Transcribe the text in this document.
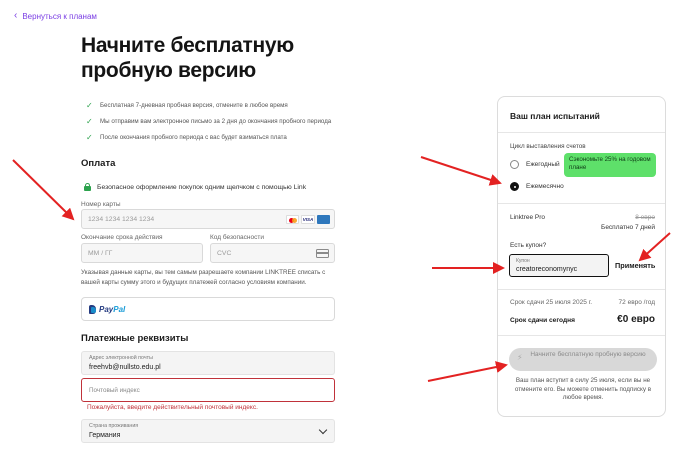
‹ Вернуться к планам
Начните бесплатную пробную версию
✓ Бесплатная 7-дневная пробная версия, отмените в любое время
✓ Мы отправим вам электронное письмо за 2 дня до окончания пробного периода
✓ После окончания пробного периода с вас будет взиматься плата
Оплата
Безопасное оформление покупок одним щелчком с помощью Link
Номер карты
1234 1234 1234 1234	VISA
Окончание срока действия
ММ / ГГ
Код безопасности
CVC
Указывая данные карты, вы тем самым разрешаете компании LINKTREE списать с вашей карты сумму этого и будущих платежей согласно условиям компании.
PayPal
Платежные реквизиты
Адрес электронной почты
freehvb@nullsto.edu.pl
Почтовый индекс
Пожалуйста, введите действительный почтовый индекс.
Страна проживания
Германия
Ваш план испытаний
Цикл выставления счетов
Ежегодный
Сэкономьте 25% на годовом плане
Ежемесячно
Linktree Pro	8 евро
Бесплатно 7 дней
Есть купон?
Купон
creatoreconomynyc	Применять
Срок сдачи 25 июля 2025 г.	72 евро /год
Срок сдачи сегодня	€0 евро
⚡ Начните бесплатную пробную версию
Ваш план вступит в силу 25 июля, если вы не отмените его. Вы можете отменить подписку в любое время.
